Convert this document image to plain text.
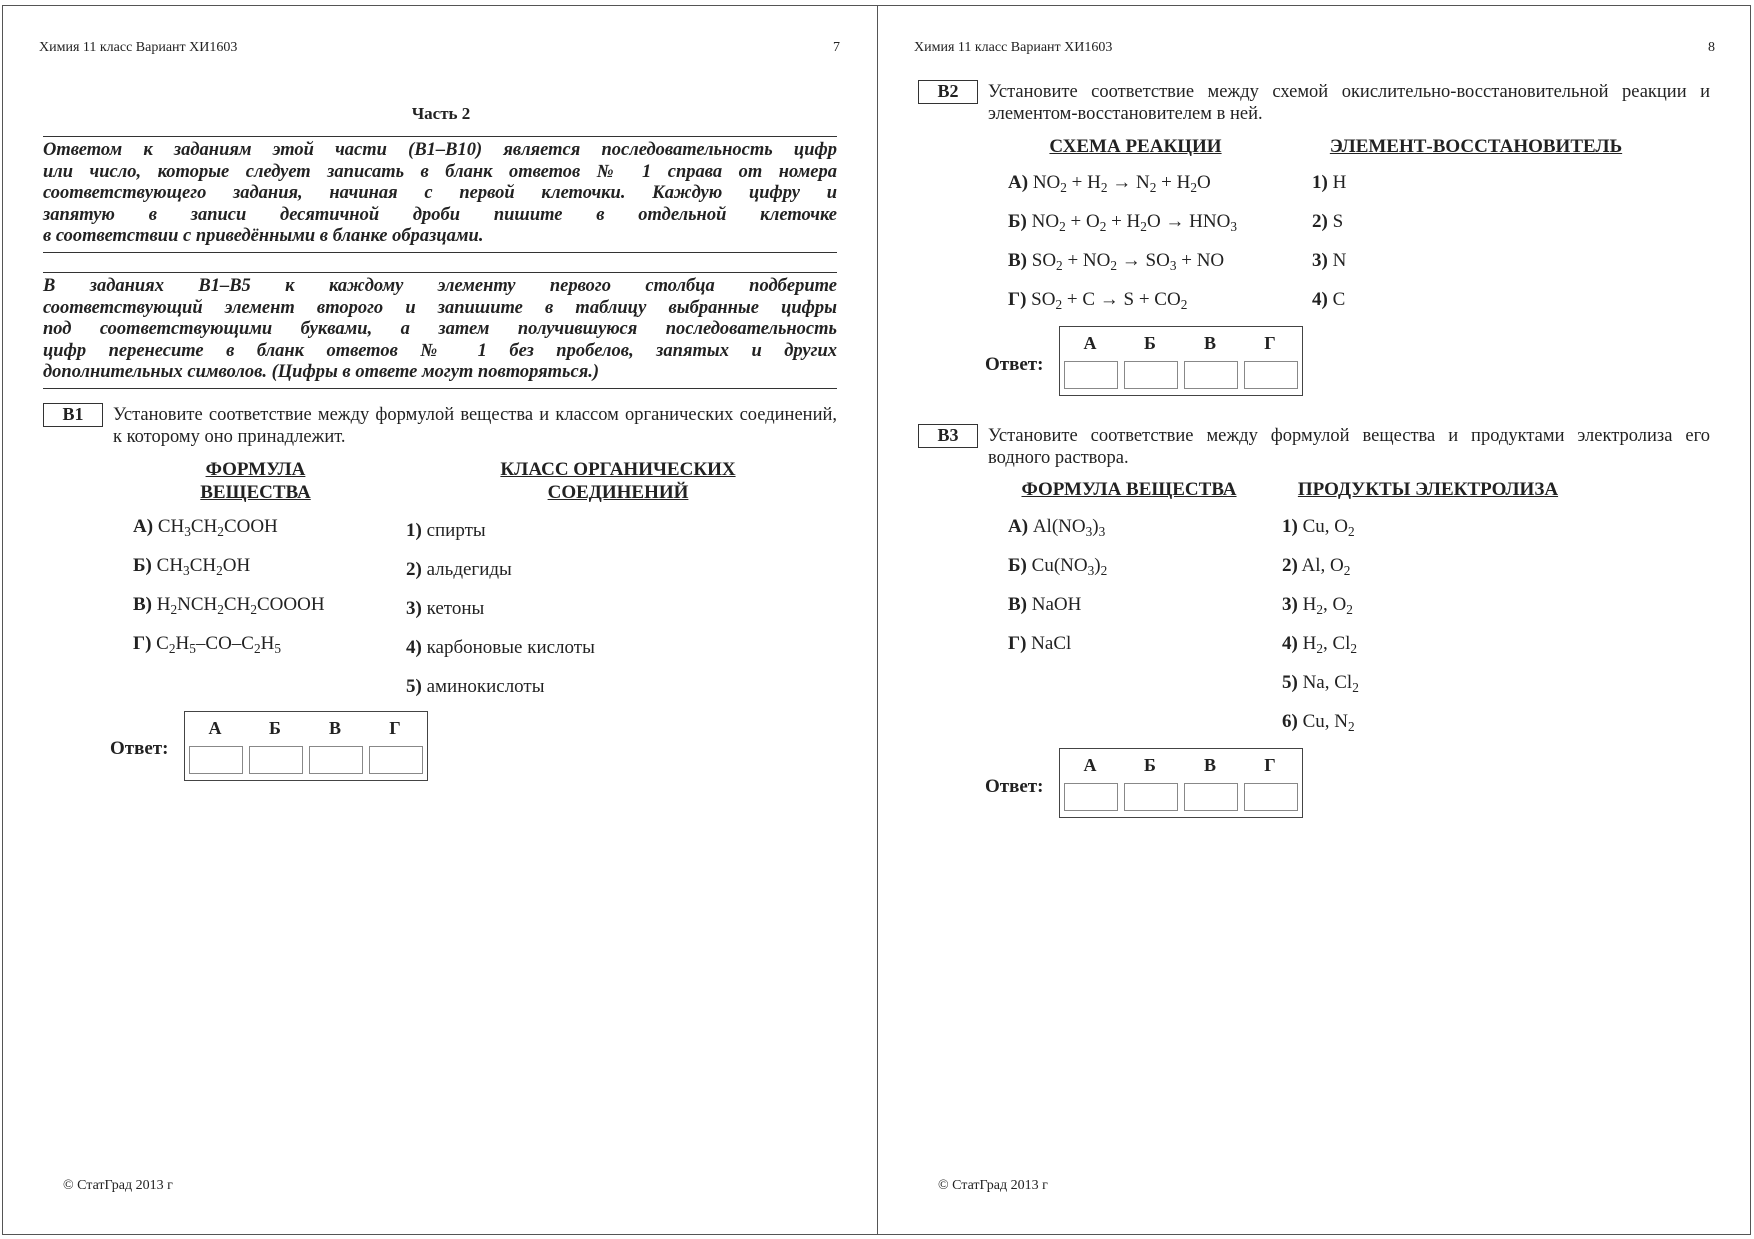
Химия 11 класс Вариант ХИ1603	7
Часть 2
Ответом к заданиям этой части (В1–В10) является последовательность цифр
или число, которые следует записать в бланк ответов № 1 справа от номера
соответствующего задания, начиная с первой клеточки. Каждую цифру и
запятую в записи десятичной дроби пишите в отдельной клеточке
в соответствии с приведёнными в бланке образцами.
В заданиях В1–В5 к каждому элементу первого столбца подберите
соответствующий элемент второго и запишите в таблицу выбранные цифры
под соответствующими буквами, а затем получившуюся последовательность
цифр перенесите в бланк ответов № 1 без пробелов, запятых и других
дополнительных символов. (Цифры в ответе могут повторяться.)
В1	Установите соответствие между формулой вещества и классом органических соединений, к которому оно принадлежит.
ФОРМУЛА
ВЕЩЕСТВА
КЛАСС ОРГАНИЧЕСКИХ
СОЕДИНЕНИЙ
А) $CH_3CH_2COOH$
Б) $CH_3CH_2OH$
В) $H_2NCH_2CH_2COOOH$
Г) $C_2H_5-CO-C_2H_5$
1) спирты
2) альдегиды
3) кетоны
4) карбоновые кислоты
5) аминокислоты
Ответ:
А	Б	В	Г
© СтатГрад 2013 г
Химия 11 класс Вариант ХИ1603	8
В2	Установите соответствие между схемой окислительно-восстановительной реакции и элементом-восстановителем в ней.
СХЕМА РЕАКЦИИ	ЭЛЕМЕНТ-ВОССТАНОВИТЕЛЬ
А) $NO_2 + H_2 \to N_2 + H_2O$
Б) $NO_2 + O_2 + H_2O \to HNO_3$
В) $SO_2 + NO_2 \to SO_3$ + NO
Г) $SO_2 + C \to S + CO_2$
1) H
2) S
3) N
4) C
Ответ:
А	Б	В	Г
В3	Установите соответствие между формулой вещества и продуктами электролиза его водного раствора.
ФОРМУЛА ВЕЩЕСТВА	ПРОДУКТЫ ЭЛЕКТРОЛИЗА
А) $Al(NO_3)_3$
Б) $Cu(NO_3)_2$
В) NaOH
Г) NaCl
1) Cu, $O_2$
2) Al, $O_2$
3) $H_2$, $O_2$
4) $H_2$, $Cl_2$
5) Na, $Cl_2$
6) Cu, $N_2$
Ответ:
А	Б	В	Г
© СтатГрад 2013 г
